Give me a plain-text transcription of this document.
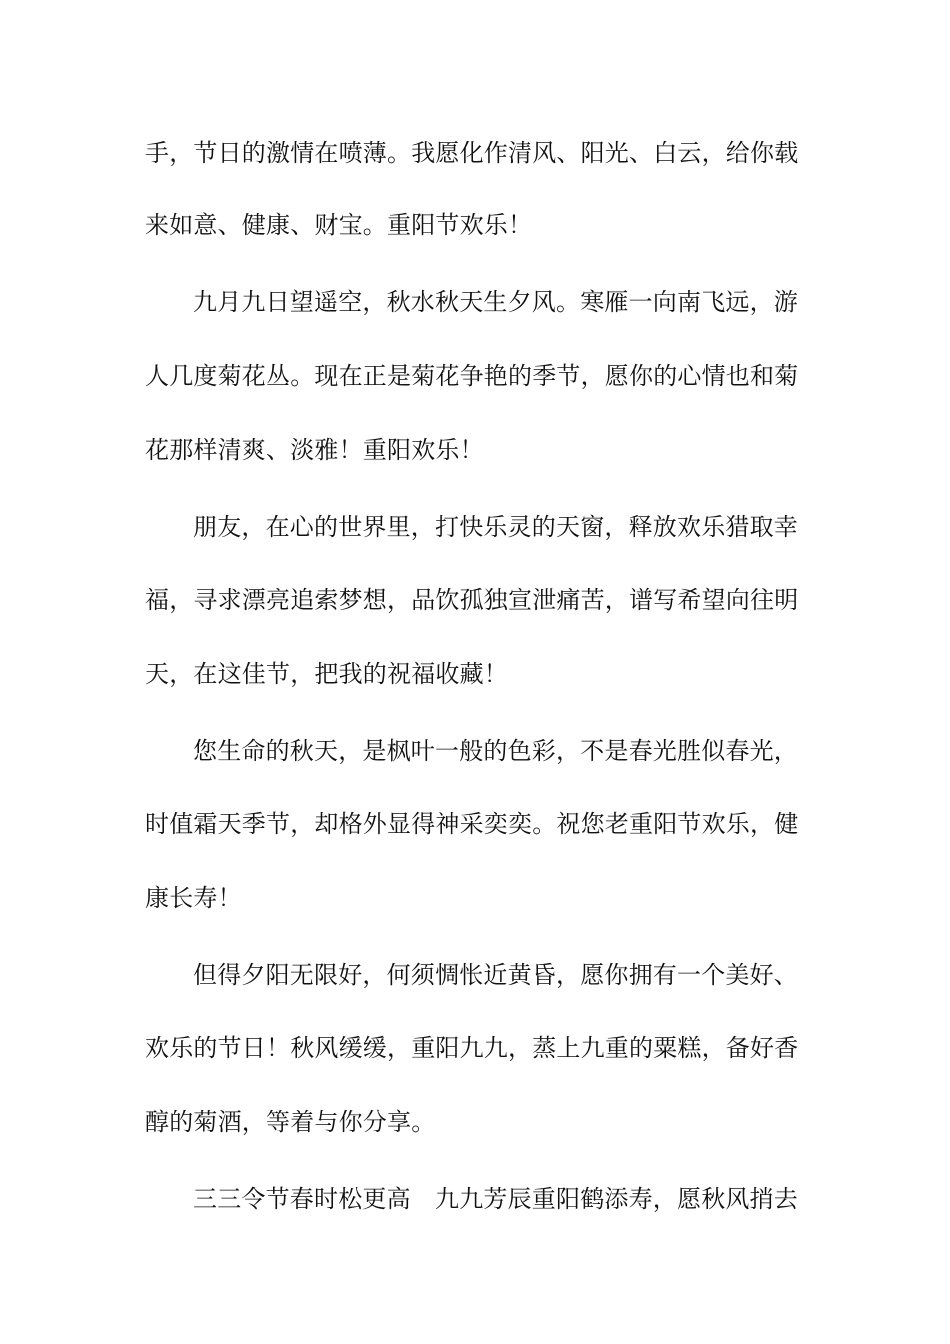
手，节日的激情在喷薄。我愿化作清风、阳光、白云，给你载
来如意、健康、财宝。重阳节欢乐！
九月九日望遥空，秋水秋天生夕风。寒雁一向南飞远，游
人几度菊花丛。现在正是菊花争艳的季节，愿你的心情也和菊
花那样清爽、淡雅！重阳欢乐！
朋友，在心的世界里，打快乐灵的天窗，释放欢乐猎取幸
福，寻求漂亮追索梦想，品饮孤独宣泄痛苦，谱写希望向往明
天，在这佳节，把我的祝福收藏！
您生命的秋天，是枫叶一般的色彩，不是春光胜似春光，
时值霜天季节，却格外显得神采奕奕。祝您老重阳节欢乐，健
康长寿！
但得夕阳无限好，何须惆怅近黄昏，愿你拥有一个美好、
欢乐的节日！秋风缓缓，重阳九九，蒸上九重的粟糕，备好香
醇的菊酒，等着与你分享。
三三令节春时松更高　九九芳辰重阳鹤添寿，愿秋风捎去
